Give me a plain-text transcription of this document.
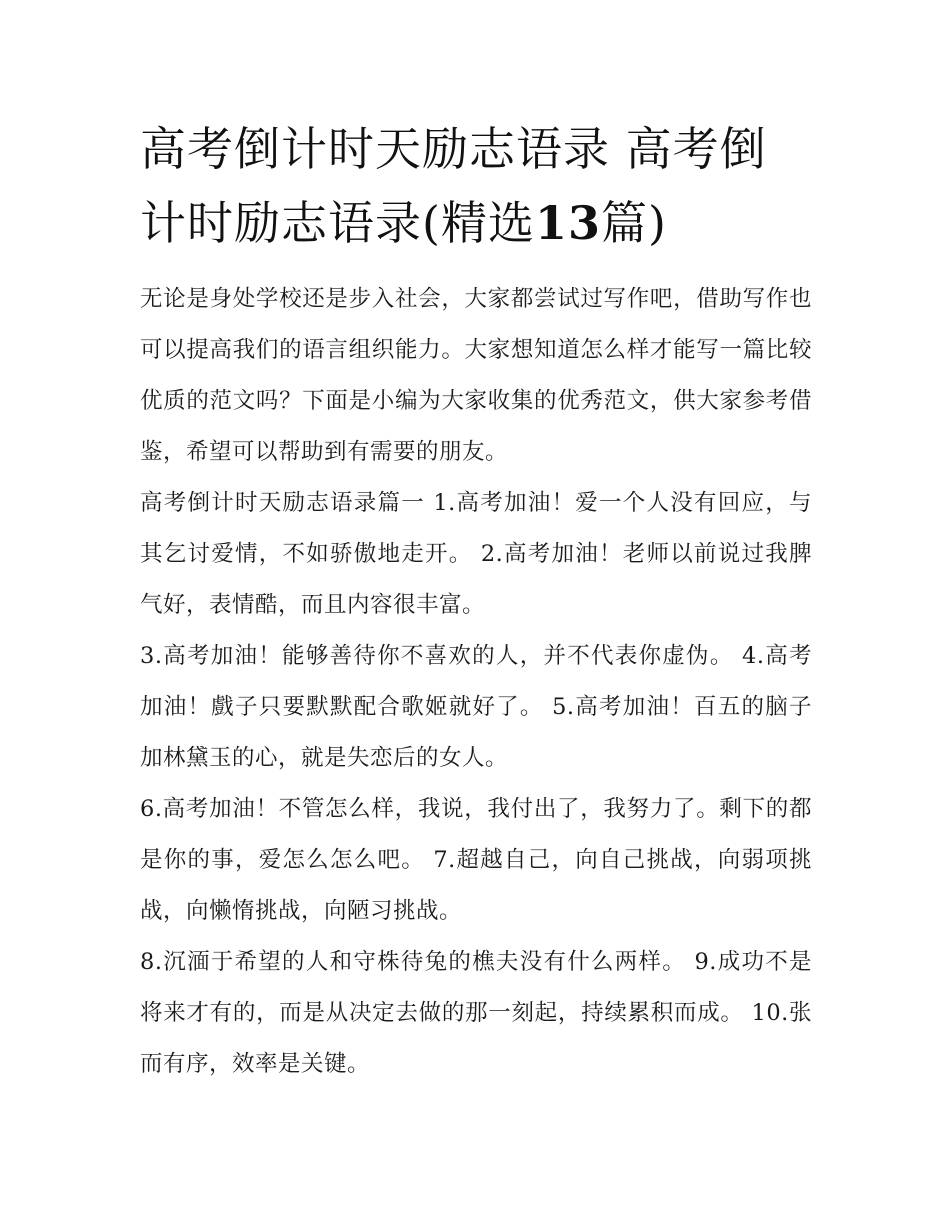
高考倒计时天励志语录 高考倒计时励志语录(精选13篇)

无论是身处学校还是步入社会，大家都尝试过写作吧，借助写作也可以提高我们的语言组织能力。大家想知道怎么样才能写一篇比较优质的范文吗？下面是小编为大家收集的优秀范文，供大家参考借鉴，希望可以帮助到有需要的朋友。

高考倒计时天励志语录篇一 1.高考加油！爱一个人没有回应，与其乞讨爱情，不如骄傲地走开。 2.高考加油！老师以前说过我脾气好，表情酷，而且内容很丰富。

3.高考加油！能够善待你不喜欢的人，并不代表你虚伪。 4.高考加油！戲子只要默默配合歌姬就好了。 5.高考加油！百五的脑子加林黛玉的心，就是失恋后的女人。

6.高考加油！不管怎么样，我说，我付出了，我努力了。剩下的都是你的事，爱怎么怎么吧。 7.超越自己，向自己挑战，向弱项挑战，向懒惰挑战，向陋习挑战。

8.沉湎于希望的人和守株待兔的樵夫没有什么两样。 9.成功不是将来才有的，而是从决定去做的那一刻起，持续累积而成。 10.张而有序，效率是关键。
